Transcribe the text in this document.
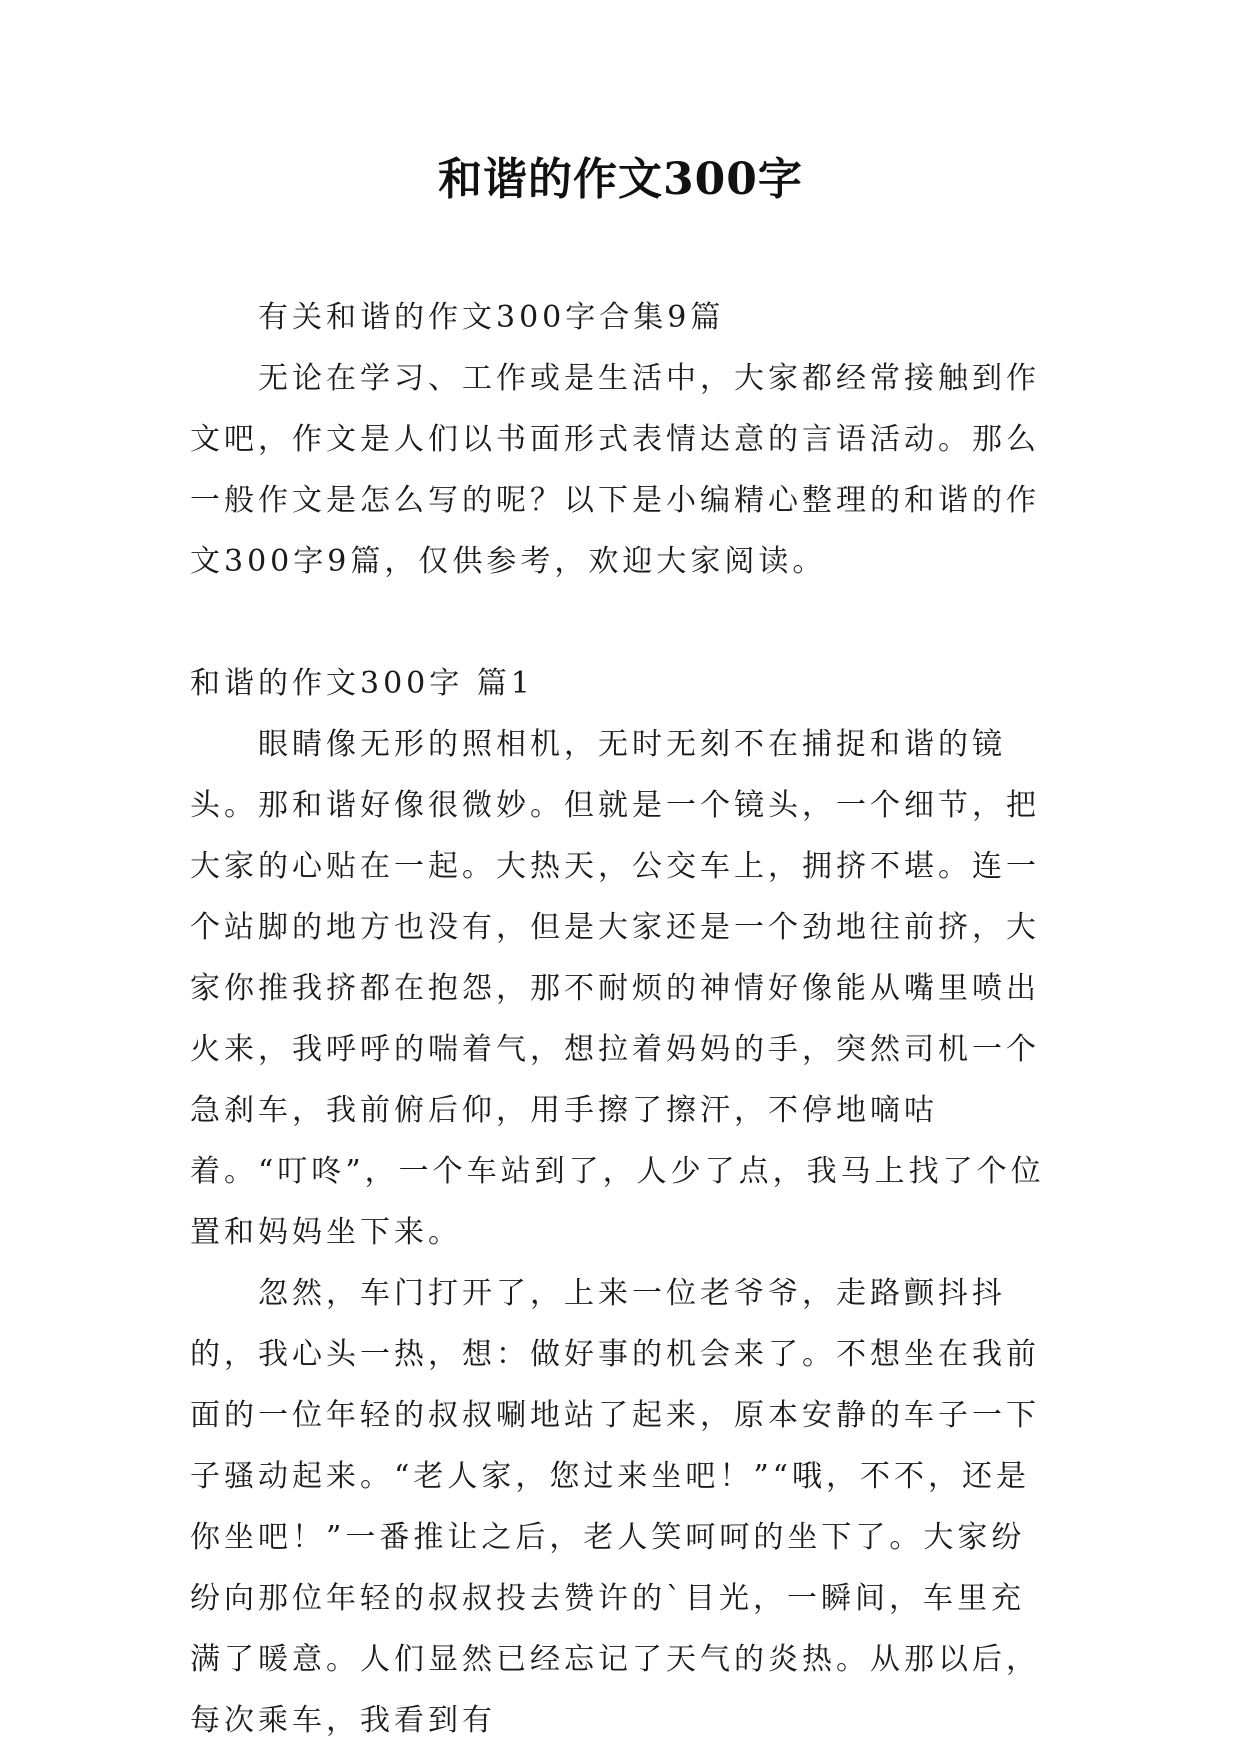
和谐的作文300字

有关和谐的作文300字合集9篇

无论在学习、工作或是生活中，大家都经常接触到作文吧，作文是人们以书面形式表情达意的言语活动。那么一般作文是怎么写的呢？以下是小编精心整理的和谐的作文300字9篇，仅供参考，欢迎大家阅读。

和谐的作文300字 篇1

眼睛像无形的照相机，无时无刻不在捕捉和谐的镜头。那和谐好像很微妙。但就是一个镜头，一个细节，把大家的心贴在一起。大热天，公交车上，拥挤不堪。连一个站脚的地方也没有，但是大家还是一个劲地往前挤，大家你推我挤都在抱怨，那不耐烦的神情好像能从嘴里喷出火来，我呼呼的喘着气，想拉着妈妈的手，突然司机一个急刹车，我前俯后仰，用手擦了擦汗，不停地嘀咕着。“叮咚”，一个车站到了，人少了点，我马上找了个位置和妈妈坐下来。

忽然，车门打开了，上来一位老爷爷，走路颤抖抖的，我心头一热，想：做好事的机会来了。不想坐在我前面的一位年轻的叔叔唰地站了起来，原本安静的车子一下子骚动起来。“老人家，您过来坐吧！”“哦，不不，还是你坐吧！”一番推让之后，老人笑呵呵的坐下了。大家纷纷向那位年轻的叔叔投去赞许的`目光，一瞬间，车里充满了暖意。人们显然已经忘记了天气的炎热。从那以后，每次乘车，我看到有
